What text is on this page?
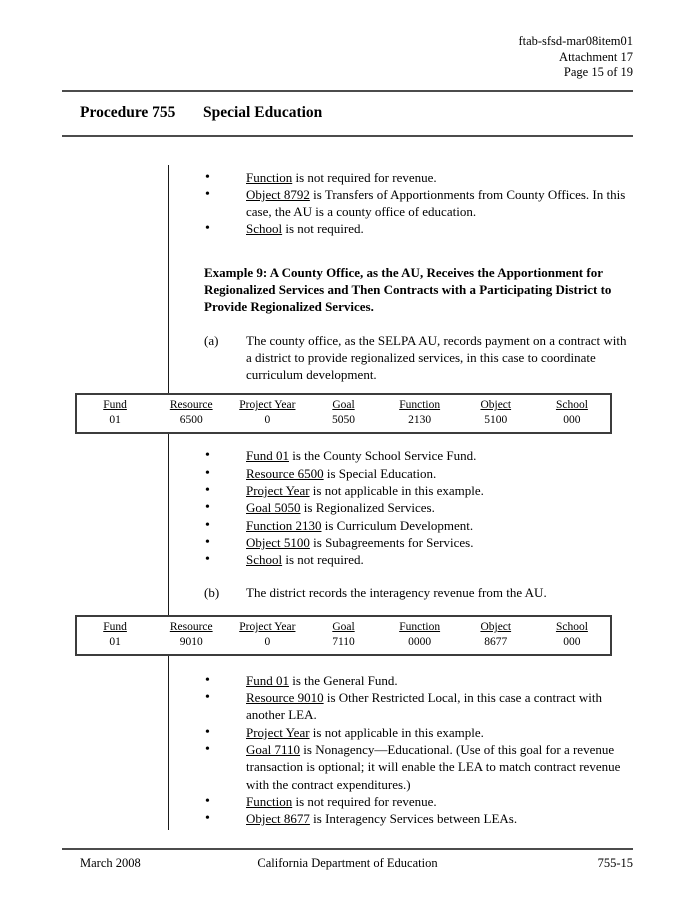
ftab-sfsd-mar08item01
Attachment 17
Page 15 of 19
Procedure 755	Special Education
• Function is not required for revenue.
• Object 8792 is Transfers of Apportionments from County Offices. In this case, the AU is a county office of education.
• School is not required.
Example 9: A County Office, as the AU, Receives the Apportionment for Regionalized Services and Then Contracts with a Participating District to Provide Regionalized Services.
(a) The county office, as the SELPA AU, records payment on a contract with a district to provide regionalized services, in this case to coordinate curriculum development.
Fund	Resource	Project Year	Goal	Function	Object	School
01	6500	0	5050	2130	5100	000
• Fund 01 is the County School Service Fund.
• Resource 6500 is Special Education.
• Project Year is not applicable in this example.
• Goal 5050 is Regionalized Services.
• Function 2130 is Curriculum Development.
• Object 5100 is Subagreements for Services.
• School is not required.
(b) The district records the interagency revenue from the AU.
Fund	Resource	Project Year	Goal	Function	Object	School
01	9010	0	7110	0000	8677	000
• Fund 01 is the General Fund.
• Resource 9010 is Other Restricted Local, in this case a contract with another LEA.
• Project Year is not applicable in this example.
• Goal 7110 is Nonagency—Educational. (Use of this goal for a revenue transaction is optional; it will enable the LEA to match contract revenue with the contract expenditures.)
• Function is not required for revenue.
• Object 8677 is Interagency Services between LEAs.
March 2008	California Department of Education	755-15
